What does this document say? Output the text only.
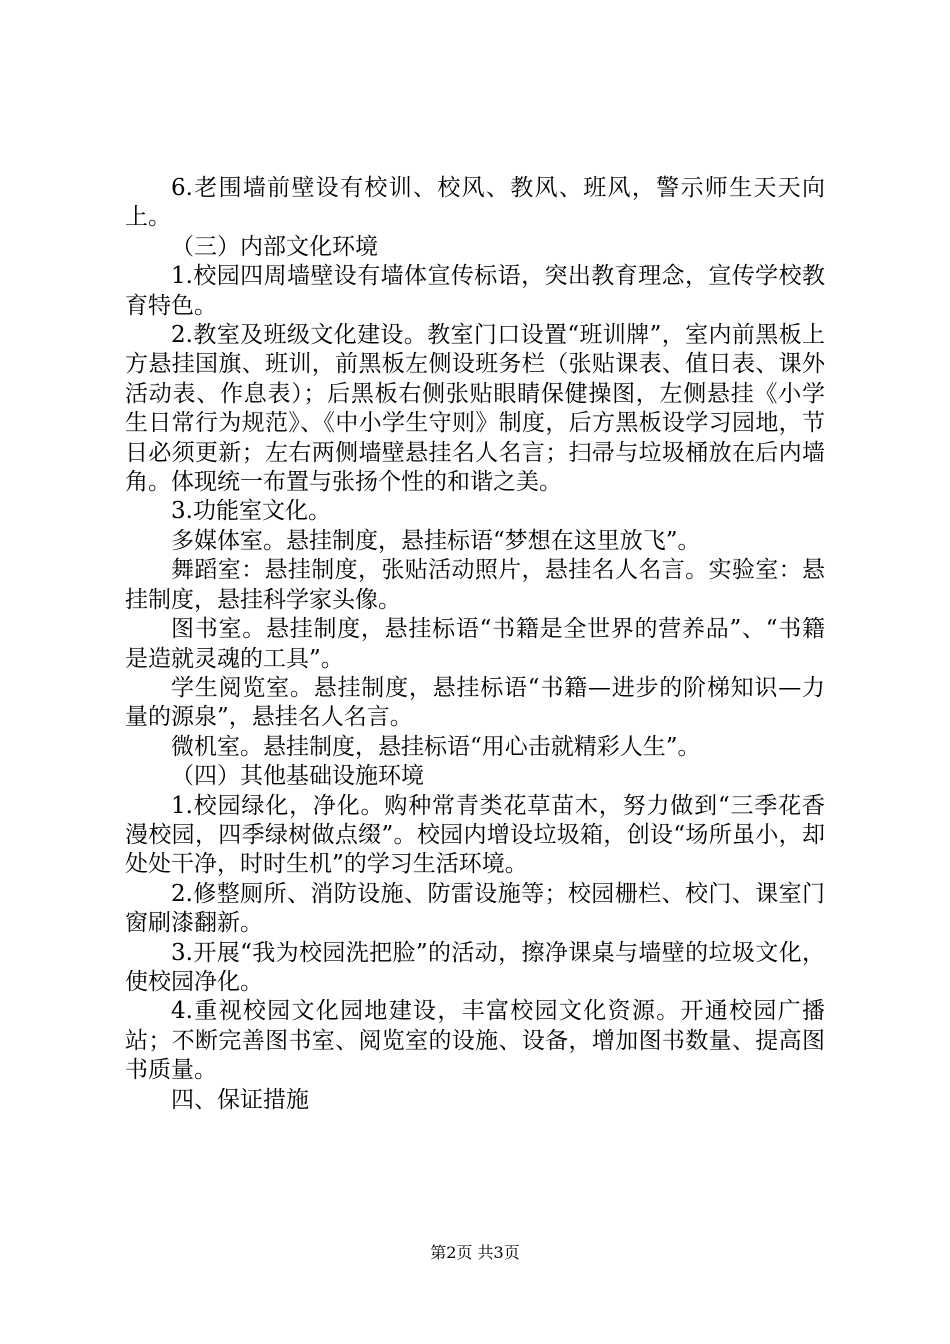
6.老围墙前壁设有校训、校风、教风、班风，警示师生天天向上。

（三）内部文化环境

1.校园四周墙壁设有墙体宣传标语，突出教育理念，宣传学校教育特色。

2.教室及班级文化建设。教室门口设置“班训牌”，室内前黑板上方悬挂国旗、班训，前黑板左侧设班务栏（张贴课表、值日表、课外活动表、作息表）；后黑板右侧张贴眼睛保健操图，左侧悬挂《小学生日常行为规范》、《中小学生守则》制度，后方黑板设学习园地，节日必须更新；左右两侧墙壁悬挂名人名言；扫帚与垃圾桶放在后内墙角。体现统一布置与张扬个性的和谐之美。

3.功能室文化。

多媒体室。悬挂制度，悬挂标语“梦想在这里放飞”。

舞蹈室：悬挂制度，张贴活动照片，悬挂名人名言。实验室：悬挂制度，悬挂科学家头像。

图书室。悬挂制度，悬挂标语“书籍是全世界的营养品”、“书籍是造就灵魂的工具”。

学生阅览室。悬挂制度，悬挂标语“书籍—进步的阶梯知识—力量的源泉”，悬挂名人名言。

微机室。悬挂制度，悬挂标语“用心击就精彩人生”。

（四）其他基础设施环境

1.校园绿化，净化。购种常青类花草苗木，努力做到“三季花香漫校园，四季绿树做点缀”。校园内增设垃圾箱，创设“场所虽小，却处处干净，时时生机”的学习生活环境。

2.修整厕所、消防设施、防雷设施等；校园栅栏、校门、课室门窗刷漆翻新。

3.开展“我为校园洗把脸”的活动，擦净课桌与墙壁的垃圾文化，使校园净化。

4.重视校园文化园地建设，丰富校园文化资源。开通校园广播站；不断完善图书室、阅览室的设施、设备，增加图书数量、提高图书质量。

四、保证措施

第2页 共3页
